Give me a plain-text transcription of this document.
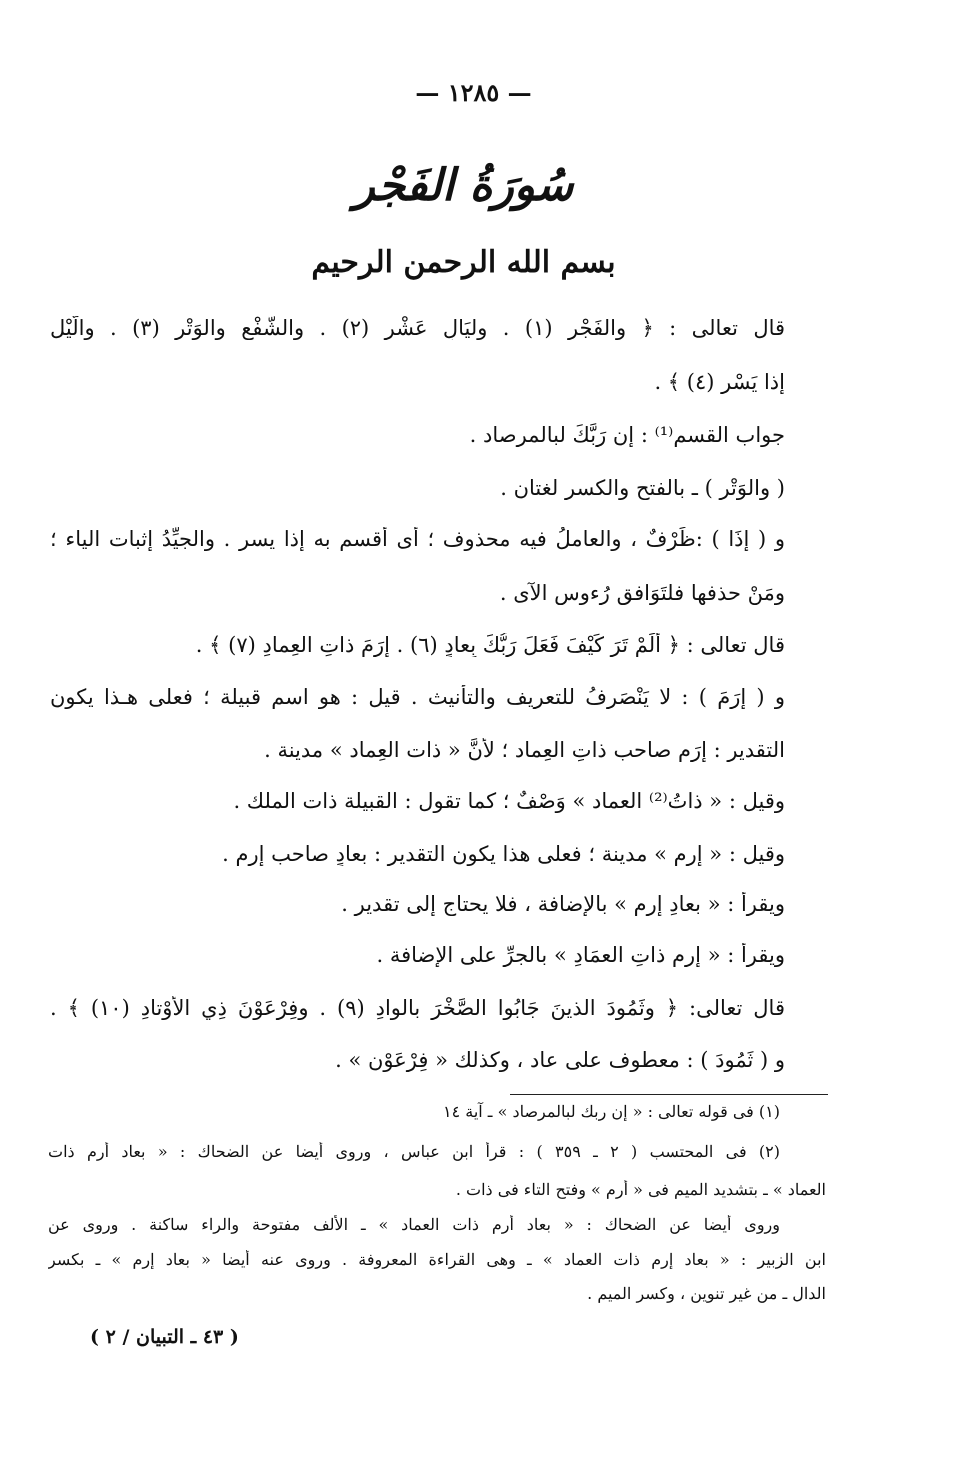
— ١٢٨٥ —
سُورَةُ الفَجْر
بسم الله الرحمن الرحيم

قال تعالى : ﴿ والفَجْرِ (١) . وليَالٍ عَشْرٍ (٢) . والشَّفْعِ والوَتْرِ (٣) . والَّيْلِ

إذا يَسْرِ (٤) ﴾ .

جواب القسم⁽¹⁾ : إن رَبَّكَ لبالمرصاد .

( والوَتْر ) ـ بالفتح والكسر لغتان .

و ( إذَا ) :ظَرْفٌ ، والعاملُ فيه محذوف ؛ أى أُقسم به إذا يسر . والجيِّدُ إثبات الياء ؛

ومَنْ حذفها فلتَوَافق رُءوس الآى .

قال تعالى : ﴿ أَلَمْ تَرَ كَيْفَ فَعَلَ رَبُّكَ بِعادٍ (٦) . إِرَمَ ذاتِ العِمادِ (٧) ﴾ .

و ( إِرَمَ ) : لا يَنْصَرِفُ للتعريف والتأنيث . قيل : هو اسم قبيلة ؛ فعلى هـذا يكون

التقدير : إِرَم صاحب ذاتِ العِماد ؛ لأنَّ « ذات العِماد » مدينة .

وقيل : « ذاتُ⁽²⁾ العماد » وَصْفٌ ؛ كما تقول : القبيلة ذات الملك .

وقيل : « إرم » مدينة ؛ فعلى هذا يكون التقدير : بعادٍ صاحب إرم .

ويقرأُ : « بعادِ إرم » بالإضافة ، فلا يحتاج إلى تقدير .

ويقرأُ : « إرم ذاتِ العمَادِ » بالجرِّ على الإضافة .

قال تعالى: ﴿ وثَمُودَ الذينَ جَابُوا الصَّخْرَ بالوادِ (٩) . وفِرْعَوْنَ ذِي الأَوْتادِ (١٠) ﴾ .

و ( ثَمُودَ ) : معطوف على عاد ، وكذلك « فِرْعَوْن » .

(١) فى قوله تعالى : « إن ربك لبالمرصاد » ـ آية ١٤

(٢) فى المحتسب ( ٢ ـ ٣٥٩ ) : قرأ ابن عباس ، وروى أيضا عن الضحاك : « بعاد أرم ذات

العماد » ـ بتشديد الميم فى « أرم » وفتح التاء فى ذات .

وروى أيضا عن الضحاك : « بعاد أرم ذات العماد » ـ الألف مفتوحة والراء ساكنة . وروى عن

ابن الزبير : « بعاد إرم ذات العماد » ـ وهى القراءة المعروفة . وروى عنه أيضا « بعاد إرم » ـ بكسر

الدال ـ من غير تنوين ، وكسر الميم .

( ٤٣ ـ التبيان / ٢ )
